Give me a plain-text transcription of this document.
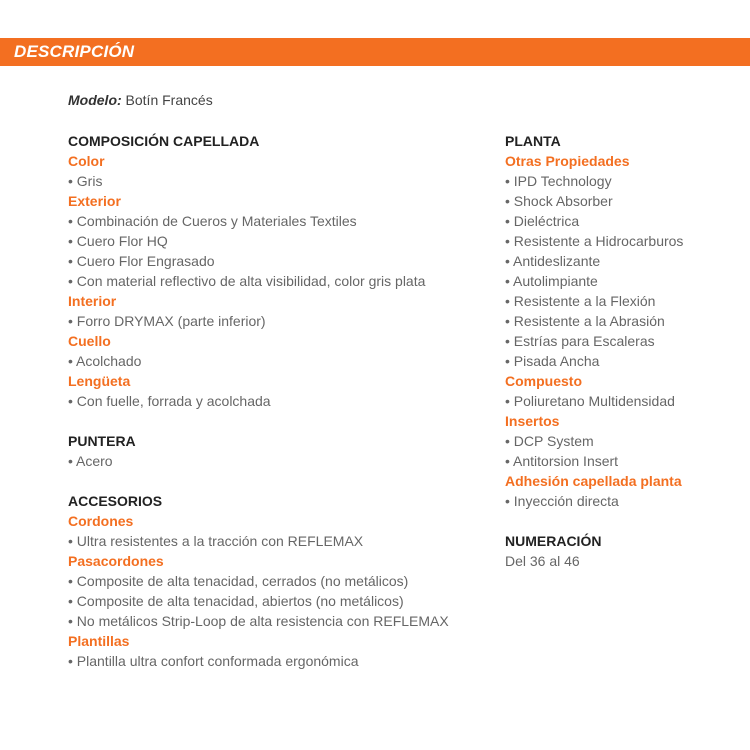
DESCRIPCIÓN
Modelo: Botín Francés
COMPOSICIÓN CAPELLADA
Color
• Gris
Exterior
• Combinación de Cueros y Materiales Textiles
• Cuero Flor HQ
• Cuero Flor Engrasado
• Con material reflectivo de alta visibilidad, color gris plata
Interior
• Forro DRYMAX (parte inferior)
Cuello
• Acolchado
Lengüeta
• Con fuelle, forrada y acolchada
PUNTERA
• Acero
ACCESORIOS
Cordones
• Ultra resistentes a la tracción con REFLEMAX
Pasacordones
• Composite de alta tenacidad, cerrados (no metálicos)
• Composite de alta tenacidad, abiertos (no metálicos)
• No metálicos Strip-Loop de alta resistencia con REFLEMAX
Plantillas
• Plantilla ultra confort conformada ergonómica
PLANTA
Otras Propiedades
• IPD Technology
• Shock Absorber
• Dieléctrica
• Resistente a Hidrocarburos
• Antideslizante
• Autolimpiante
• Resistente a la Flexión
• Resistente a la Abrasión
• Estrías para Escaleras
• Pisada Ancha
Compuesto
• Poliuretano Multidensidad
Insertos
• DCP System
• Antitorsion Insert
Adhesión capellada planta
• Inyección directa
NUMERACIÓN
Del 36 al 46
